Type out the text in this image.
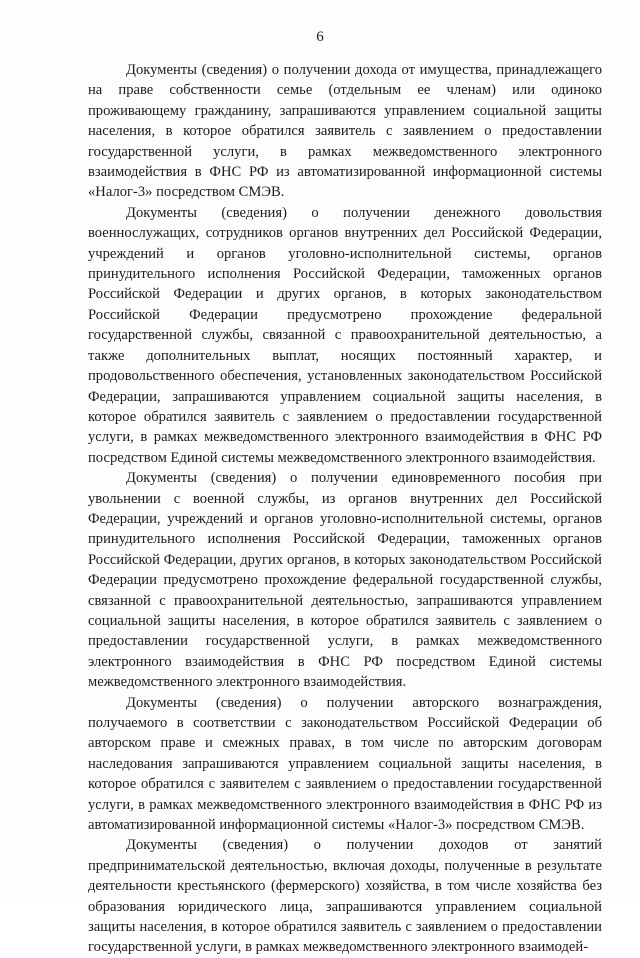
6

Документы (сведения) о получении дохода от имущества, принадлежащего на праве собственности семье (отдельным ее членам) или одиноко проживающему гражданину, запрашиваются управлением социальной защиты населения, в которое обратился заявитель с заявлением о предоставлении государственной услуги, в рамках межведомственного электронного взаимодействия в ФНС РФ из автоматизированной информационной системы «Налог-3» посредством СМЭВ.

Документы (сведения) о получении денежного довольствия военнослужащих, сотрудников органов внутренних дел Российской Федерации, учреждений и органов уголовно-исполнительной системы, органов принудительного исполнения Российской Федерации, таможенных органов Российской Федерации и других органов, в которых законодательством Российской Федерации предусмотрено прохождение федеральной государственной службы, связанной с правоохранительной деятельностью, а также дополнительных выплат, носящих постоянный характер, и продовольственного обеспечения, установленных законодательством Российской Федерации, запрашиваются управлением социальной защиты населения, в которое обратился заявитель с заявлением о предоставлении государственной услуги, в рамках межведомственного электронного взаимодействия в ФНС РФ посредством Единой системы межведомственного электронного взаимодействия.

Документы (сведения) о получении единовременного пособия при увольнении с военной службы, из органов внутренних дел Российской Федерации, учреждений и органов уголовно-исполнительной системы, органов принудительного исполнения Российской Федерации, таможенных органов Российской Федерации, других органов, в которых законодательством Российской Федерации предусмотрено прохождение федеральной государственной службы, связанной с правоохранительной деятельностью, запрашиваются управлением социальной защиты населения, в которое обратился заявитель с заявлением о предоставлении государственной услуги, в рамках межведомственного электронного взаимодействия в ФНС РФ посредством Единой системы межведомственного электронного взаимодействия.

Документы (сведения) о получении авторского вознаграждения, получаемого в соответствии с законодательством Российской Федерации об авторском праве и смежных правах, в том числе по авторским договорам наследования запрашиваются управлением социальной защиты населения, в которое обратился с заявителем с заявлением о предоставлении государственной услуги, в рамках межведомственного электронного взаимодействия в ФНС РФ из автоматизированной информационной системы «Налог-3» посредством СМЭВ.

Документы (сведения) о получении доходов от занятий предпринимательской деятельностью, включая доходы, полученные в результате деятельности крестьянского (фермерского) хозяйства, в том числе хозяйства без образования юридического лица, запрашиваются управлением социальной защиты населения, в которое обратился заявитель с заявлением о предоставлении государственной услуги, в рамках межведомственного электронного взаимодей-
